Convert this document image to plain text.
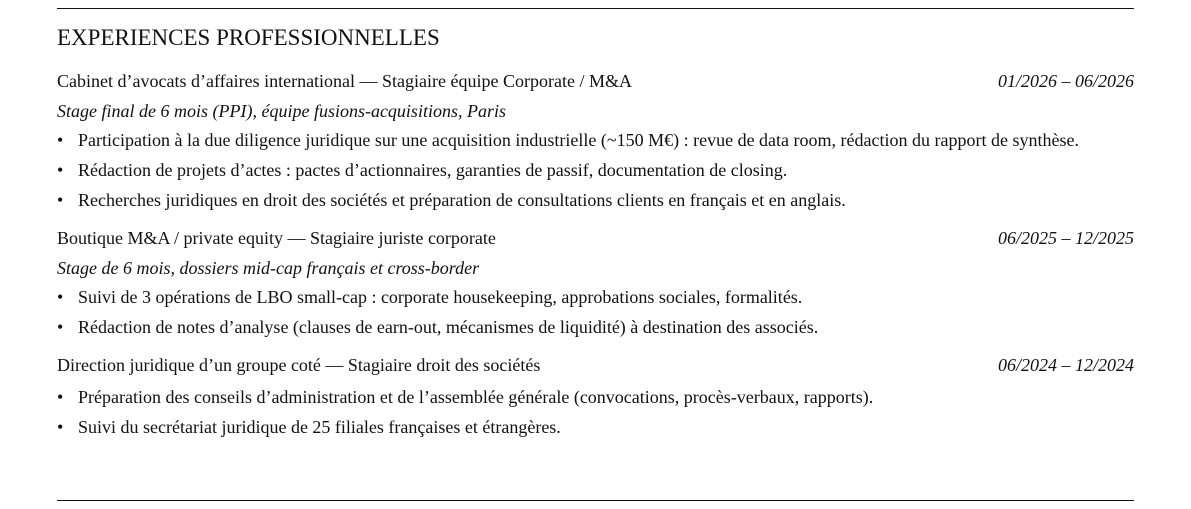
EXPERIENCES PROFESSIONNELLES
Cabinet d’avocats d’affaires international — Stagiaire équipe Corporate / M&A	01/2026 – 06/2026
Stage final de 6 mois (PPI), équipe fusions-acquisitions, Paris
• Participation à la due diligence juridique sur une acquisition industrielle (~150 M€) : revue de data room, rédaction du rapport de synthèse.
• Rédaction de projets d’actes : pactes d’actionnaires, garanties de passif, documentation de closing.
• Recherches juridiques en droit des sociétés et préparation de consultations clients en français et en anglais.
Boutique M&A / private equity — Stagiaire juriste corporate	06/2025 – 12/2025
Stage de 6 mois, dossiers mid-cap français et cross-border
• Suivi de 3 opérations de LBO small-cap : corporate housekeeping, approbations sociales, formalités.
• Rédaction de notes d’analyse (clauses de earn-out, mécanismes de liquidité) à destination des associés.
Direction juridique d’un groupe coté — Stagiaire droit des sociétés	06/2024 – 12/2024
• Préparation des conseils d’administration et de l’assemblée générale (convocations, procès-verbaux, rapports).
• Suivi du secrétariat juridique de 25 filiales françaises et étrangères.
